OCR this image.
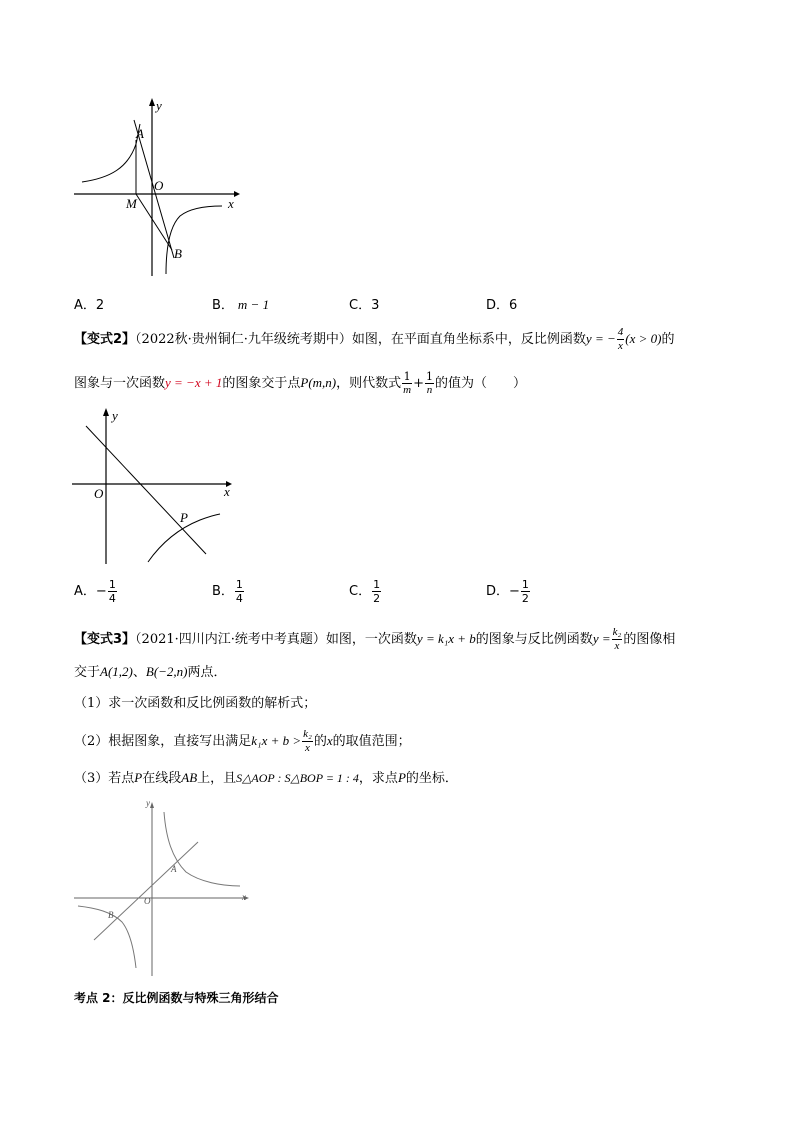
y
x
A
O
M
B
A．2	B． m − 1	C．3	D．6
【变式2】（2022秋·贵州铜仁·九年级统考期中）如图，在平面直角坐标系中，反比例函数y = − $\frac{4}{x} (x > 0)$的
图象与一次函数y = −x + 1的图象交于点P(m,n)，则代数式 $\frac{1}{m} + \frac{1}{n}$ 的值为（　　）
y
x
O
P
A．− $\frac{1}{4}$	B． $\frac{1}{4}$	C． $\frac{1}{2}$	D．− $\frac{1}{2}$
【变式3】（2021·四川内江·统考中考真题）如图，一次函数y = k₁x + b的图象与反比例函数$y = \frac{\text{k₂}}{x}$ 的图像相
交于A(1,2)、B(−2,n)两点．
（1）求一次函数和反比例函数的解析式；
（2）根据图象，直接写出满足$k_1x + b > \frac{\text{k₂}}{x}$ 的x的取值范围；
（3）若点P在线段AB上，且S△AOP : S△BOP = 1 : 4，求点P的坐标．
y
x
O
A
B
考点 2：反比例函数与特殊三角形结合
